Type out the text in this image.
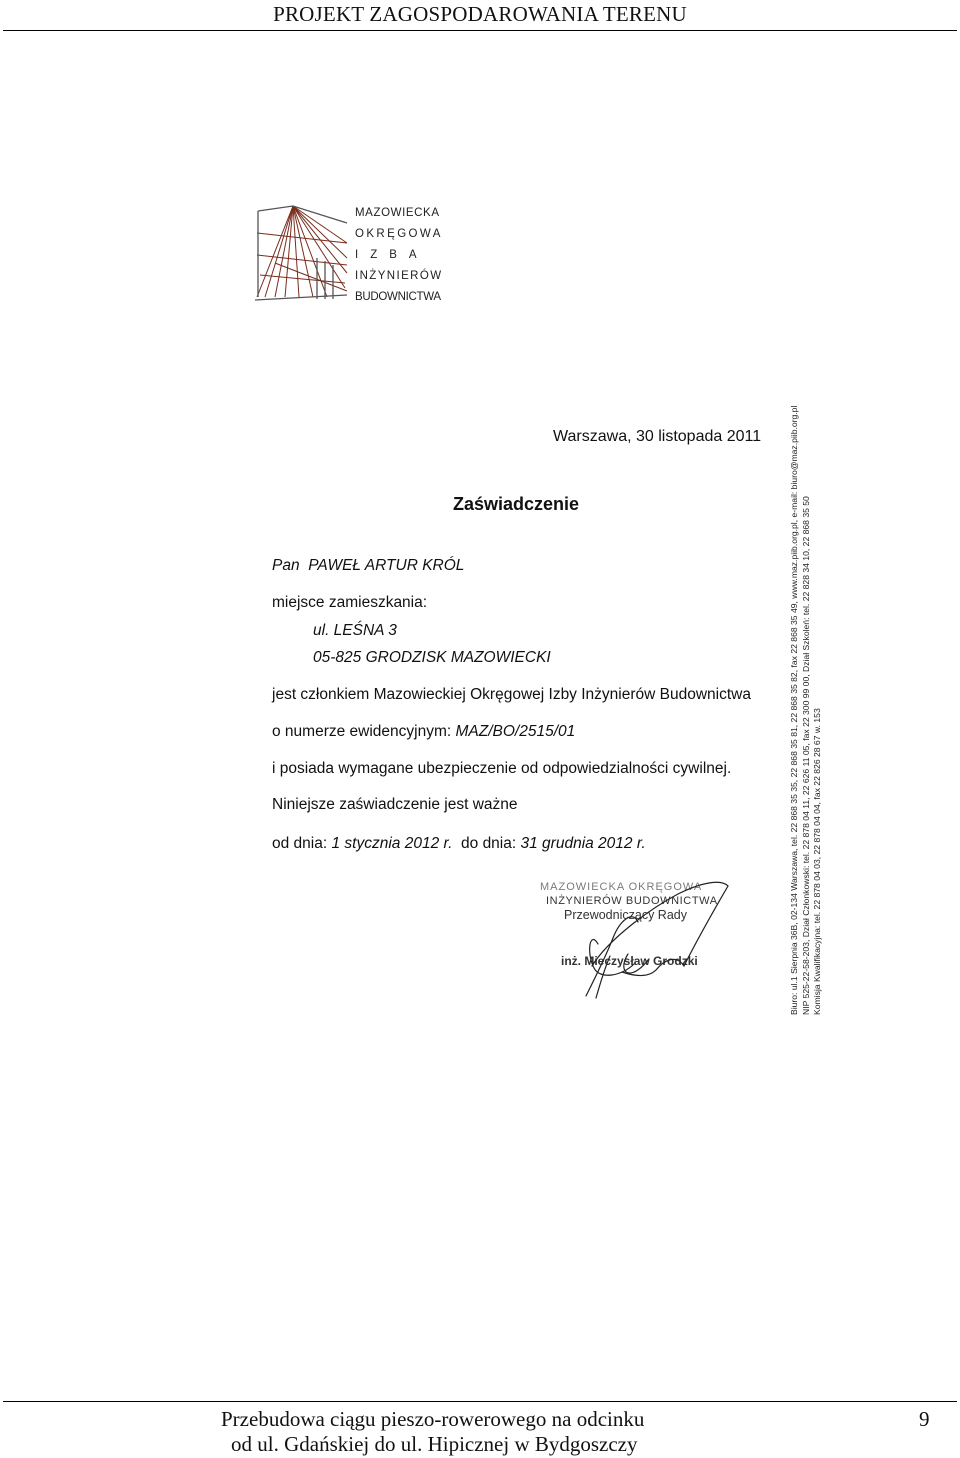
PROJEKT ZAGOSPODAROWANIA TERENU
MAZOWIECKA
OKRĘGOWA
IZBA
INŻYNIERÓW
BUDOWNICTWA
Biuro: ul.1 Sierpnia 36B, 02-134 Warszawa, tel. 22 868 35 35, 22 868 35 81, 22 868 35 82, fax 22 868 35 49, www.maz.piib.org.pl, e-mail: biuro@maz.piib.org.pl NIP 525-22-58-203, Dział Członkowski: tel. 22 878 04 11, 22 626 11 05, fax 22 300 99 00, Dział Szkoleń: tel. 22 828 34 10, 22 868 35 50 Komisja Kwalifikacyjna: tel. 22 878 04 03, 22 878 04 04, fax 22 826 28 67 w. 153
Warszawa, 30 listopada 2011
Zaświadczenie
Pan PAWEŁ ARTUR KRÓL
miejsce zamieszkania:
ul. LEŚNA 3
05-825 GRODZISK MAZOWIECKI
jest członkiem Mazowieckiej Okręgowej Izby Inżynierów Budownictwa
o numerze ewidencyjnym: MAZ/BO/2515/01
i posiada wymagane ubezpieczenie od odpowiedzialności cywilnej.
Niniejsze zaświadczenie jest ważne
od dnia: 1 stycznia 2012 r. do dnia: 31 grudnia 2012 r.
MAZOWIECKA OKRĘGOWA
INŻYNIERÓW BUDOWNICTWA
Przewodniczący Rady
inż. Mieczysław Grodzki
Przebudowa ciągu pieszo-rowerowego na odcinku
od ul. Gdańskiej do ul. Hipicznej w Bydgoszczy
9
